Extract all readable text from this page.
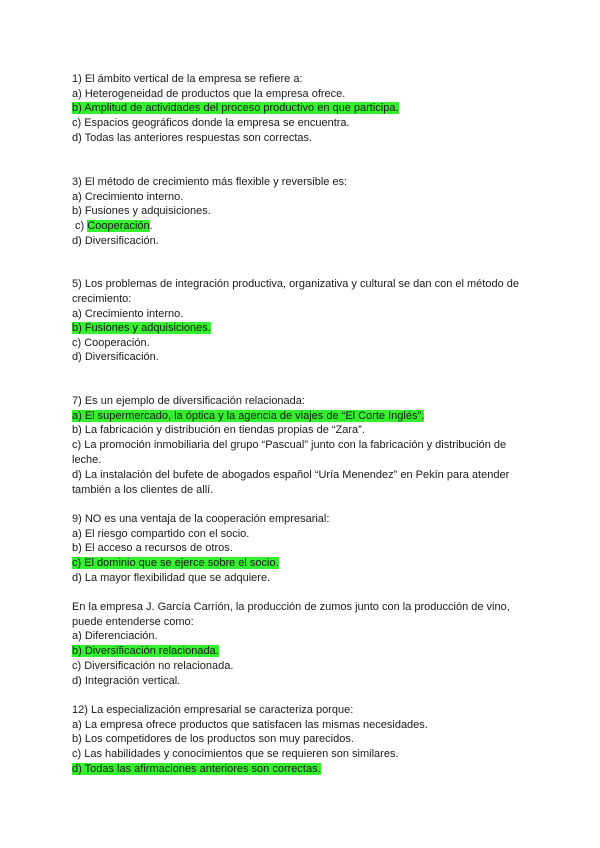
1) El ámbito vertical de la empresa se refiere a:
a) Heterogeneidad de productos que la empresa ofrece.
b) Amplitud de actividades del proceso productivo en que participa.
c) Espacios geográficos donde la empresa se encuentra.
d) Todas las anteriores respuestas son correctas.
3) El método de crecimiento más flexible y reversible es:
a) Crecimiento interno.
b) Fusiones y adquisiciones.
c) Cooperación.
d) Diversificación.
5) Los problemas de integración productiva, organizativa y cultural se dan con el método de
crecimiento:
a) Crecimiento interno.
b) Fusiones y adquisiciones.
c) Cooperación.
d) Diversificación.
7) Es un ejemplo de diversificación relacionada:
a) El supermercado, la óptica y la agencia de viajes de “El Corte Inglés”.
b) La fabricación y distribución en tiendas propias de “Zara”.
c) La promoción inmobiliaria del grupo “Pascual” junto con la fabricación y distribución de
leche.
d) La instalación del bufete de abogados español “Uría Menendez” en Pekín para atender
también a los clientes de allí.
9) NO es una ventaja de la cooperación empresarial:
a) El riesgo compartido con el socio.
b) El acceso a recursos de otros.
c) El dominio que se ejerce sobre el socio.
d) La mayor flexibilidad que se adquiere.
En la empresa J. García Carrión, la producción de zumos junto con la producción de vino,
puede entenderse como:
a) Diferenciación.
b) Diversificación relacionada.
c) Diversificación no relacionada.
d) Integración vertical.
12) La especialización empresarial se caracteriza porque:
a) La empresa ofrece productos que satisfacen las mismas necesidades.
b) Los competidores de los productos son muy parecidos.
c) Las habilidades y conocimientos que se requieren son similares.
d) Todas las afirmaciones anteriores son correctas.
